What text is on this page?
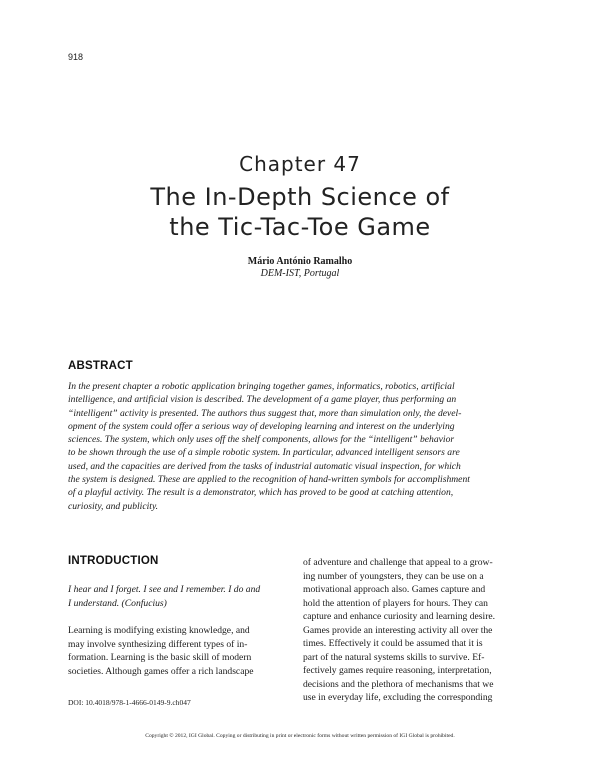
918
Chapter 47
The In-Depth Science of
the Tic-Tac-Toe Game
Mário António Ramalho
DEM-IST, Portugal
ABSTRACT
In the present chapter a robotic application bringing together games, informatics, robotics, artificial
intelligence, and artificial vision is described. The development of a game player, thus performing an
“intelligent” activity is presented. The authors thus suggest that, more than simulation only, the devel-
opment of the system could offer a serious way of developing learning and interest on the underlying
sciences. The system, which only uses off the shelf components, allows for the “intelligent” behavior
to be shown through the use of a simple robotic system. In particular, advanced intelligent sensors are
used, and the capacities are derived from the tasks of industrial automatic visual inspection, for which
the system is designed. These are applied to the recognition of hand-written symbols for accomplishment
of a playful activity. The result is a demonstrator, which has proved to be good at catching attention,
curiosity, and publicity.
INTRODUCTION
I hear and I forget. I see and I remember. I do and
I understand. (Confucius)
Learning is modifying existing knowledge, and
may involve synthesizing different types of in-
formation. Learning is the basic skill of modern
societies. Although games offer a rich landscape
of adventure and challenge that appeal to a grow-
ing number of youngsters, they can be use on a
motivational approach also. Games capture and
hold the attention of players for hours. They can
capture and enhance curiosity and learning desire.
Games provide an interesting activity all over the
times. Effectively it could be assumed that it is
part of the natural systems skills to survive. Ef-
fectively games require reasoning, interpretation,
decisions and the plethora of mechanisms that we
use in everyday life, excluding the corresponding
DOI: 10.4018/978-1-4666-0149-9.ch047
Copyright © 2012, IGI Global. Copying or distributing in print or electronic forms without written permission of IGI Global is prohibited.
